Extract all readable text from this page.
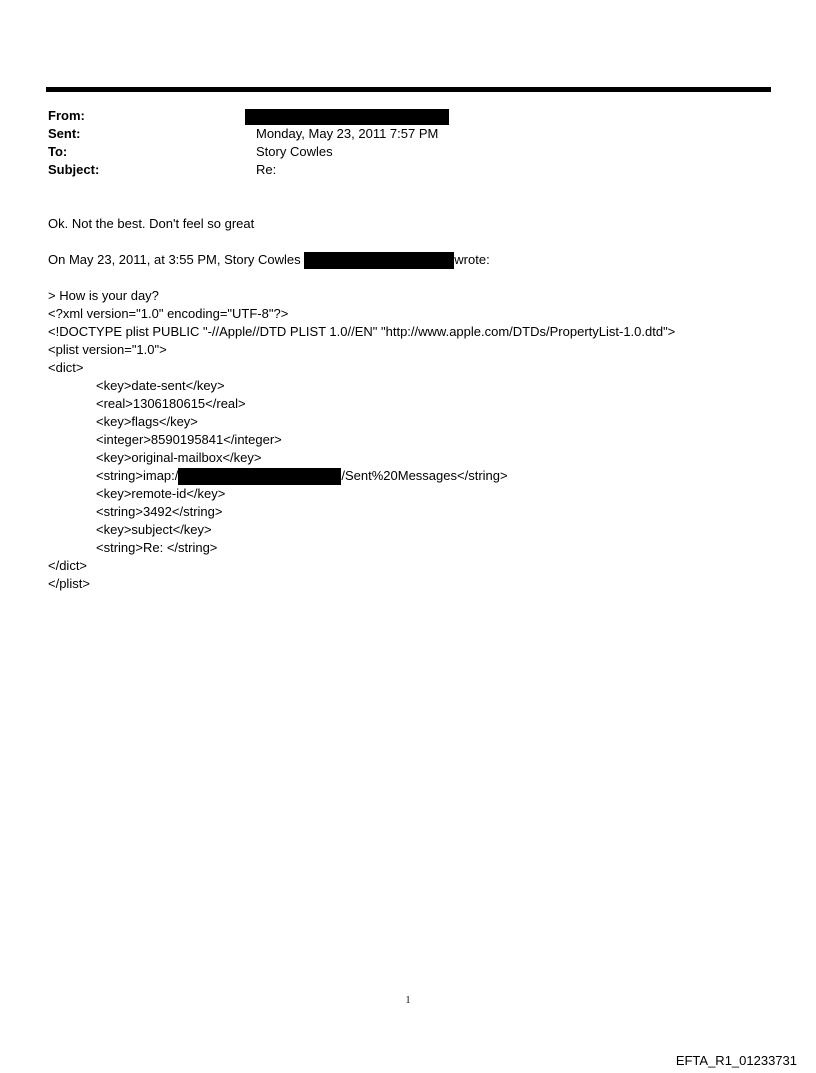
From:
Sent:	Monday, May 23, 2011 7:57 PM
To:	Story Cowles
Subject:	Re:
Ok. Not the best. Don't feel so great
On May 23, 2011, at 3:55 PM, Story Cowles	wrote:
> How is your day?
<?xml version="1.0" encoding="UTF-8"?>
<!DOCTYPE plist PUBLIC "-//Apple//DTD PLIST 1.0//EN" "http://www.apple.com/DTDs/PropertyList-1.0.dtd">
<plist version="1.0">
<dict>
<key>date-sent</key>
<real>1306180615</real>
<key>flags</key>
<integer>8590195841</integer>
<key>original-mailbox</key>
<string>imap:/	/Sent%20Messages</string>
<key>remote-id</key>
<string>3492</string>
<key>subject</key>
<string>Re: </string>
</dict>
</plist>
1
EFTA_R1_01233731
